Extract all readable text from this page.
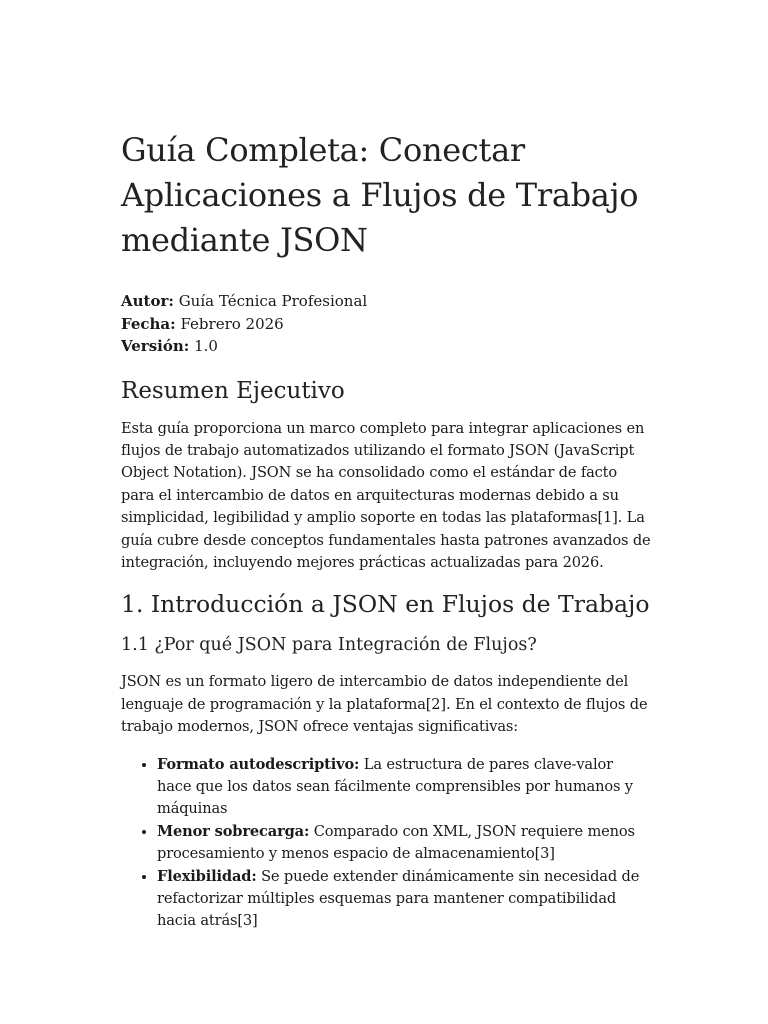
Guía Completa: Conectar Aplicaciones a Flujos de Trabajo mediante JSON
Autor: Guía Técnica Profesional
Fecha: Febrero 2026
Versión: 1.0
Resumen Ejecutivo

Esta guía proporciona un marco completo para integrar aplicaciones en flujos de trabajo automatizados utilizando el formato JSON (JavaScript Object Notation). JSON se ha consolidado como el estándar de facto para el intercambio de datos en arquitecturas modernas debido a su simplicidad, legibilidad y amplio soporte en todas las plataformas[1]. La guía cubre desde conceptos fundamentales hasta patrones avanzados de integración, incluyendo mejores prácticas actualizadas para 2026.

1. Introducción a JSON en Flujos de Trabajo
1.1 ¿Por qué JSON para Integración de Flujos?

JSON es un formato ligero de intercambio de datos independiente del lenguaje de programación y la plataforma[2]. En el contexto de flujos de trabajo modernos, JSON ofrece ventajas significativas:

• Formato autodescriptivo: La estructura de pares clave-valor hace que los datos sean fácilmente comprensibles por humanos y máquinas
• Menor sobrecarga: Comparado con XML, JSON requiere menos procesamiento y menos espacio de almacenamiento[3]
• Flexibilidad: Se puede extender dinámicamente sin necesidad de refactorizar múltiples esquemas para mantener compatibilidad hacia atrás[3]
